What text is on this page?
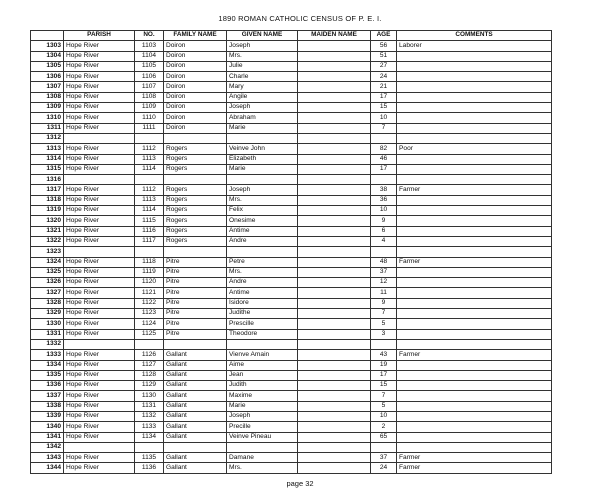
1890 ROMAN CATHOLIC CENSUS OF P. E. I.
	PARISH	NO.	FAMILY NAME	GIVEN NAME	MAIDEN NAME	AGE	COMMENTS
1303	Hope River	1103	Doiron	Joseph		56	Laborer
1304	Hope River	1104	Doiron	Mrs.		51	
1305	Hope River	1105	Doiron	Julie		27	
1306	Hope River	1106	Doiron	Charle		24	
1307	Hope River	1107	Doiron	Mary		21	
1308	Hope River	1108	Doiron	Angile		17	
1309	Hope River	1109	Doiron	Joseph		15	
1310	Hope River	1110	Doiron	Abraham		10	
1311	Hope River	1111	Doiron	Marie		7	
1312							
1313	Hope River	1112	Rogers	Veinve John		82	Poor
1314	Hope River	1113	Rogers	Elizabeth		46	
1315	Hope River	1114	Rogers	Marie		17	
1316							
1317	Hope River	1112	Rogers	Joseph		38	Farmer
1318	Hope River	1113	Rogers	Mrs.		36	
1319	Hope River	1114	Rogers	Felix		10	
1320	Hope River	1115	Rogers	Onesime		9	
1321	Hope River	1116	Rogers	Antime		6	
1322	Hope River	1117	Rogers	Andre		4	
1323							
1324	Hope River	1118	Pitre	Petre		48	Farmer
1325	Hope River	1119	Pitre	Mrs.		37	
1326	Hope River	1120	Pitre	Andre		12	
1327	Hope River	1121	Pitre	Antime		11	
1328	Hope River	1122	Pitre	Isidore		9	
1329	Hope River	1123	Pitre	Judithe		7	
1330	Hope River	1124	Pitre	Prescille		5	
1331	Hope River	1125	Pitre	Theodore		3	
1332							
1333	Hope River	1126	Gallant	Vienve Amain		43	Farmer
1334	Hope River	1127	Gallant	Aime		19	
1335	Hope River	1128	Gallant	Jean		17	
1336	Hope River	1129	Gallant	Judith		15	
1337	Hope River	1130	Gallant	Maxime		7	
1338	Hope River	1131	Gallant	Marie		5	
1339	Hope River	1132	Gallant	Joseph		10	
1340	Hope River	1133	Gallant	Precille		2	
1341	Hope River	1134	Gallant	Veinve Pineau		65	
1342							
1343	Hope River	1135	Gallant	Damane		37	Farmer
1344	Hope River	1136	Gallant	Mrs.		24	Farmer
page 32
